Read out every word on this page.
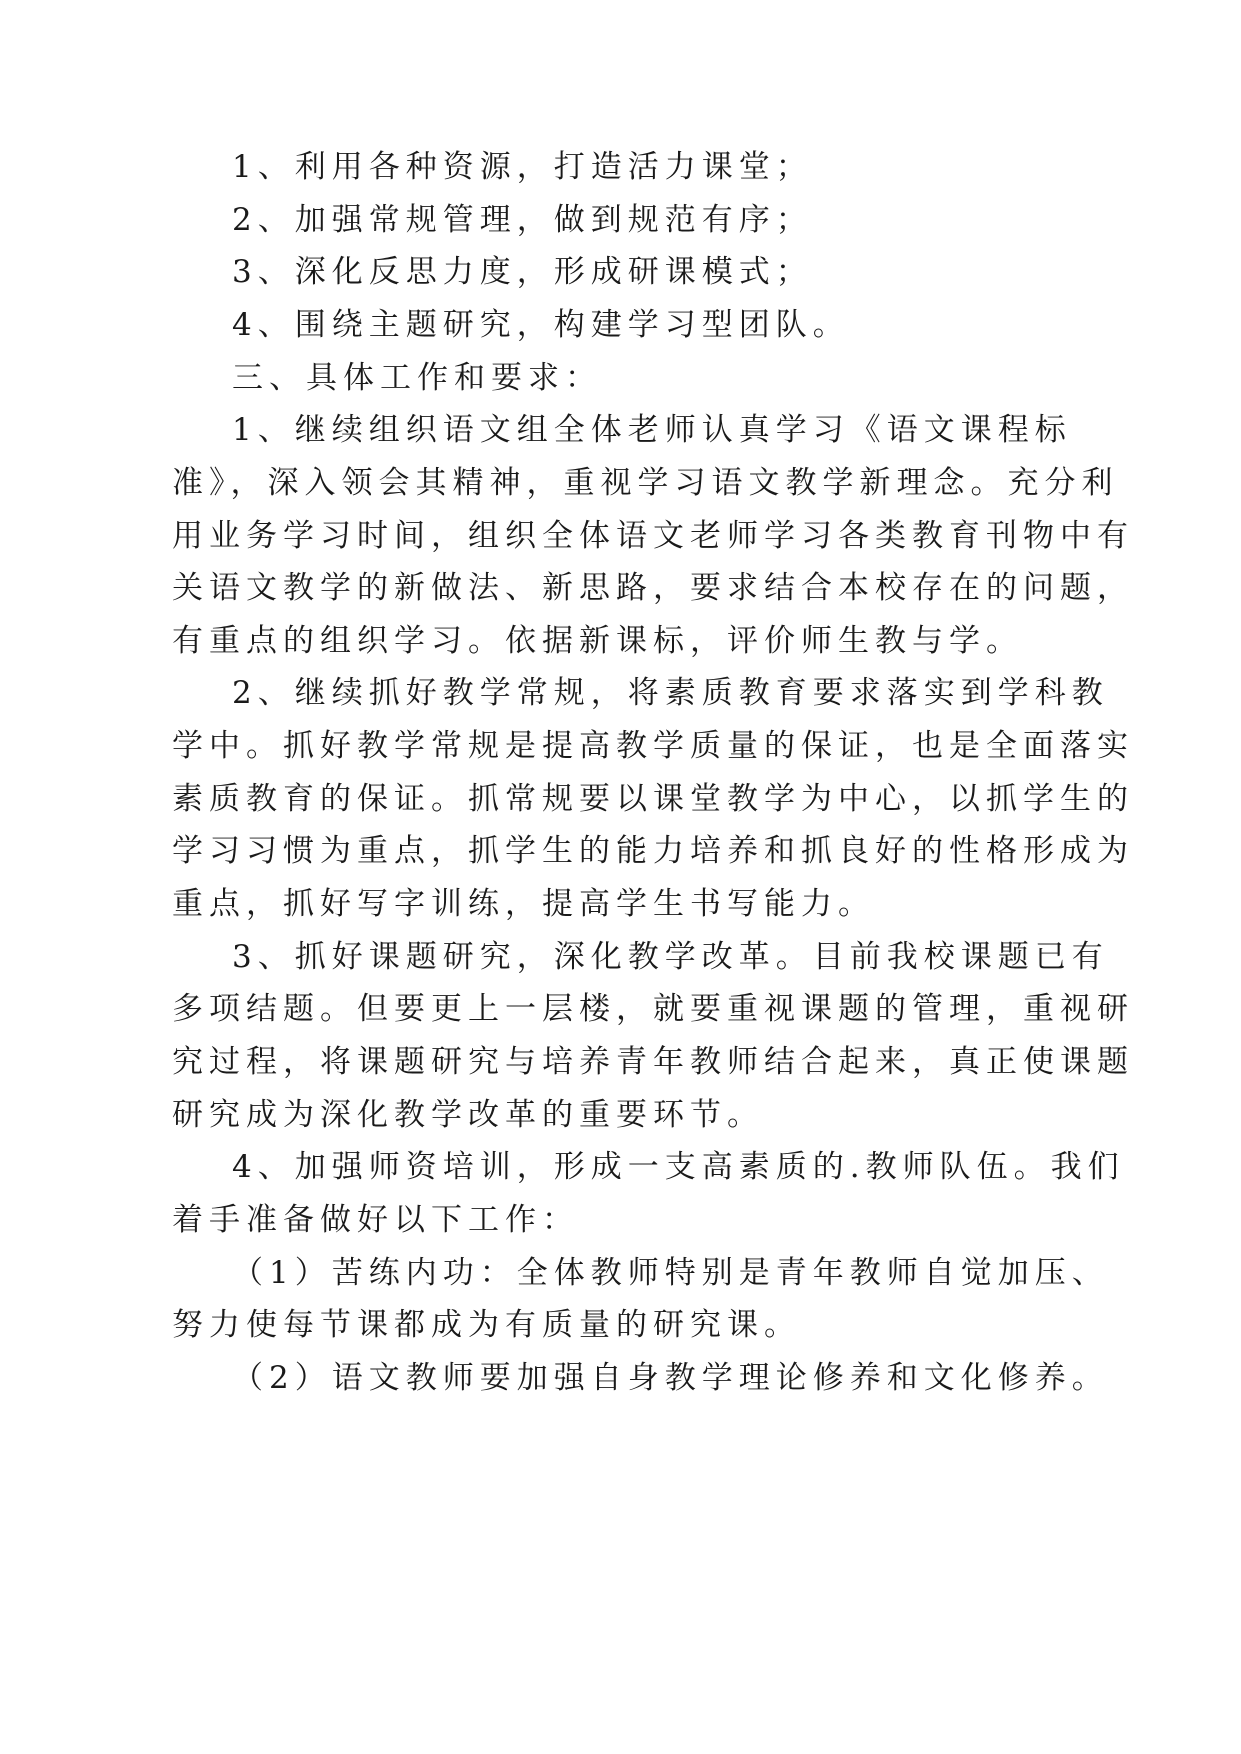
1、利用各种资源，打造活力课堂；
2、加强常规管理，做到规范有序；
3、深化反思力度，形成研课模式；
4、围绕主题研究，构建学习型团队。
三、具体工作和要求：
1、继续组织语文组全体老师认真学习《语文课程标
准》，深入领会其精神，重视学习语文教学新理念。充分利
用业务学习时间，组织全体语文老师学习各类教育刊物中有
关语文教学的新做法、新思路，要求结合本校存在的问题，
有重点的组织学习。依据新课标，评价师生教与学。
2、继续抓好教学常规，将素质教育要求落实到学科教
学中。抓好教学常规是提高教学质量的保证，也是全面落实
素质教育的保证。抓常规要以课堂教学为中心，以抓学生的
学习习惯为重点，抓学生的能力培养和抓良好的性格形成为
重点，抓好写字训练，提高学生书写能力。
3、抓好课题研究，深化教学改革。目前我校课题已有
多项结题。但要更上一层楼，就要重视课题的管理，重视研
究过程，将课题研究与培养青年教师结合起来，真正使课题
研究成为深化教学改革的重要环节。
4、加强师资培训，形成一支高素质的.教师队伍。我们
着手准备做好以下工作：
（1）苦练内功：全体教师特别是青年教师自觉加压、
努力使每节课都成为有质量的研究课。
（2）语文教师要加强自身教学理论修养和文化修养。
